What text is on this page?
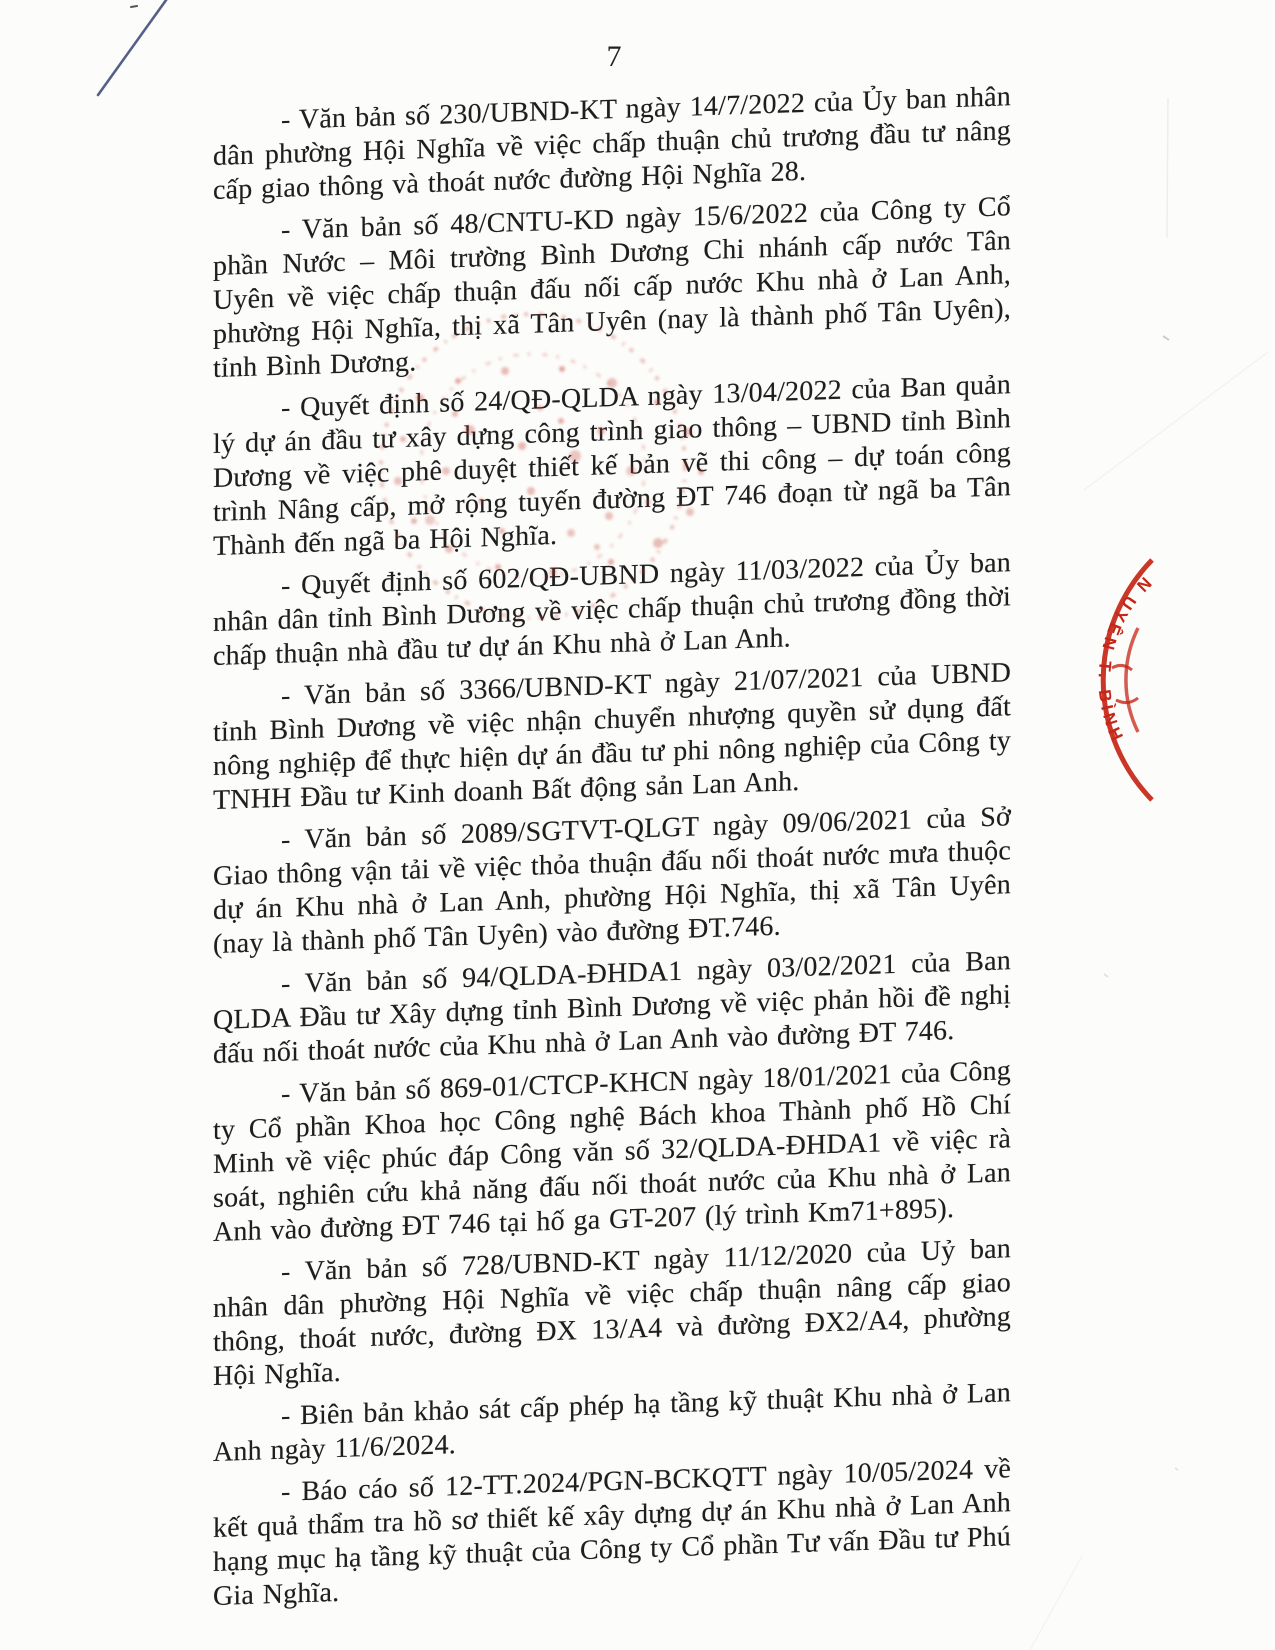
7

- Văn bản số 230/UBND-KT ngày 14/7/2022 của Ủy ban nhân dân phường Hội Nghĩa về việc chấp thuận chủ trương đầu tư nâng cấp giao thông và thoát nước đường Hội Nghĩa 28.

- Văn bản số 48/CNTU-KD ngày 15/6/2022 của Công ty Cổ phần Nước – Môi trường Bình Dương Chi nhánh cấp nước Tân Uyên về việc chấp thuận đấu nối cấp nước Khu nhà ở Lan Anh, phường Hội Nghĩa, thị xã Tân Uyên (nay là thành phố Tân Uyên), tỉnh Bình Dương.

- Quyết định số 24/QĐ-QLDA ngày 13/04/2022 của Ban quản lý dự án đầu tư xây dựng công trình giao thông – UBND tỉnh Bình Dương về việc phê duyệt thiết kế bản vẽ thi công – dự toán công trình Nâng cấp, mở rộng tuyến đường ĐT 746 đoạn từ ngã ba Tân Thành đến ngã ba Hội Nghĩa.

- Quyết định số 602/QĐ-UBND ngày 11/03/2022 của Ủy ban nhân dân tỉnh Bình Dương về việc chấp thuận chủ trương đồng thời chấp thuận nhà đầu tư dự án Khu nhà ở Lan Anh.

- Văn bản số 3366/UBND-KT ngày 21/07/2021 của UBND tỉnh Bình Dương về việc nhận chuyển nhượng quyền sử dụng đất nông nghiệp để thực hiện dự án đầu tư phi nông nghiệp của Công ty TNHH Đầu tư Kinh doanh Bất động sản Lan Anh.

- Văn bản số 2089/SGTVT-QLGT ngày 09/06/2021 của Sở Giao thông vận tải về việc thỏa thuận đấu nối thoát nước mưa thuộc dự án Khu nhà ở Lan Anh, phường Hội Nghĩa, thị xã Tân Uyên (nay là thành phố Tân Uyên) vào đường ĐT.746.

- Văn bản số 94/QLDA-ĐHDA1 ngày 03/02/2021 của Ban QLDA Đầu tư Xây dựng tỉnh Bình Dương về việc phản hồi đề nghị đấu nối thoát nước của Khu nhà ở Lan Anh vào đường ĐT 746.

- Văn bản số 869-01/CTCP-KHCN ngày 18/01/2021 của Công ty Cổ phần Khoa học Công nghệ Bách khoa Thành phố Hồ Chí Minh về việc phúc đáp Công văn số 32/QLDA-ĐHDA1 về việc rà soát, nghiên cứu khả năng đấu nối thoát nước của Khu nhà ở Lan Anh vào đường ĐT 746 tại hố ga GT-207 (lý trình Km71+895).

- Văn bản số 728/UBND-KT ngày 11/12/2020 của Uỷ ban nhân dân phường Hội Nghĩa về việc chấp thuận nâng cấp giao thông, thoát nước, đường ĐX 13/A4 và đường ĐX2/A4, phường Hội Nghĩa.

- Biên bản khảo sát cấp phép hạ tầng kỹ thuật Khu nhà ở Lan Anh ngày 11/6/2024.

- Báo cáo số 12-TT.2024/PGN-BCKQTT ngày 10/05/2024 về kết quả thẩm tra hồ sơ thiết kế xây dựng dự án Khu nhà ở Lan Anh hạng mục hạ tầng kỹ thuật của Công ty Cổ phần Tư vấn Đầu tư Phú Gia Nghĩa.

N UYÊN T. BÌNH
